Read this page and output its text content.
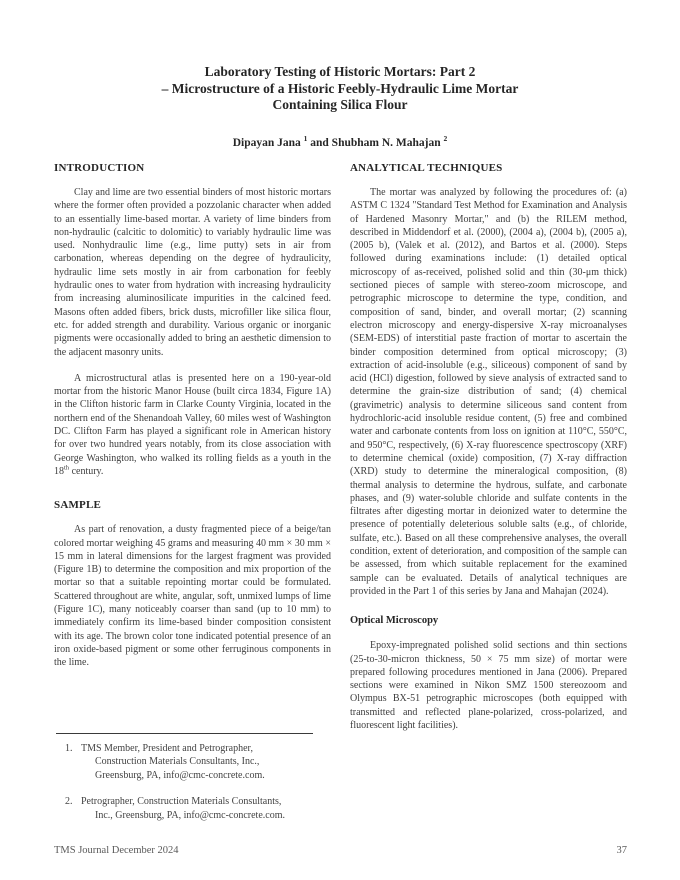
Laboratory Testing of Historic Mortars: Part 2
– Microstructure of a Historic Feebly-Hydraulic Lime Mortar
Containing Silica Flour
Dipayan Jana $^1$ and Shubham N. Mahajan $^2$
INTRODUCTION

Clay and lime are two essential binders of most historic mortars where the former often provided a pozzolanic character when added to an essentially lime-based mortar. A variety of lime binders from non-hydraulic (calcitic to dolomitic) to variably hydraulic lime was used. Nonhydraulic lime (e.g., lime putty) sets in air from carbonation, whereas depending on the degree of hydraulicity, hydraulic lime sets mostly in air from carbonation for feebly hydraulic ones to water from hydration with increasing hydraulicity from increasing aluminosilicate impurities in the calcined feed. Masons often added fibers, brick dusts, microfiller like silica flour, etc. for added strength and durability. Various organic or inorganic pigments were occasionally added to bring an aesthetic dimension to the adjacent masonry units.

A microstructural atlas is presented here on a 190-year-old mortar from the historic Manor House (built circa 1834, Figure 1A) in the Clifton historic farm in Clarke County Virginia, located in the northern end of the Shenandoah Valley, 60 miles west of Washington DC. Clifton Farm has played a significant role in American history for over two hundred years notably, from its close association with George Washington, who walked its rolling fields as a youth in the 18th century.

SAMPLE

As part of renovation, a dusty fragmented piece of a beige/tan colored mortar weighing 45 grams and measuring 40 mm × 30 mm × 15 mm in lateral dimensions for the largest fragment was provided (Figure 1B) to determine the composition and mix proportion of the mortar so that a suitable repointing mortar could be formulated. Scattered throughout are white, angular, soft, unmixed lumps of lime (Figure 1C), many noticeably coarser than sand (up to 10 mm) to immediately confirm its lime-based binder composition consistent with its age. The brown color tone indicated potential presence of an iron oxide-based pigment or some other ferruginous components in the lime.

1. TMS Member, President and Petrographer,
Construction Materials Consultants, Inc.,
Greensburg, PA, info@cmc-concrete.com.
2. Petrographer, Construction Materials Consultants,
Inc., Greensburg, PA, info@cmc-concrete.com.
ANALYTICAL TECHNIQUES

The mortar was analyzed by following the procedures of: (a) ASTM C 1324 "Standard Test Method for Examination and Analysis of Hardened Masonry Mortar," and (b) the RILEM method, described in Middendorf et al. (2000), (2004 a), (2004 b), (2005 a), (2005 b), (Valek et al. (2012), and Bartos et al. (2000). Steps followed during examinations include: (1) detailed optical microscopy of as-received, polished solid and thin (30-μm thick) sectioned pieces of sample with stereo-zoom microscope, and petrographic microscope to determine the type, condition, and composition of sand, binder, and overall mortar; (2) scanning electron microscopy and energy-dispersive X-ray microanalyses (SEM-EDS) of interstitial paste fraction of mortar to ascertain the binder composition determined from optical microscopy; (3) extraction of acid-insoluble (e.g., siliceous) component of sand by acid (HCl) digestion, followed by sieve analysis of extracted sand to determine the grain-size distribution of sand; (4) chemical (gravimetric) analysis to determine siliceous sand content from hydrochloric-acid insoluble residue content, (5) free and combined water and carbonate contents from loss on ignition at 110°C, 550°C, and 950°C, respectively, (6) X-ray fluorescence spectroscopy (XRF) to determine chemical (oxide) composition, (7) X-ray diffraction (XRD) study to determine the mineralogical composition, (8) thermal analysis to determine the hydrous, sulfate, and carbonate phases, and (9) water-soluble chloride and sulfate contents in the filtrates after digesting mortar in deionized water to determine the presence of potentially deleterious soluble salts (e.g., of chloride, sulfate, etc.). Based on all these comprehensive analyses, the overall condition, extent of deterioration, and composition of the sample can be assessed, from which suitable replacement for the examined sample can be evaluated. Details of analytical techniques are provided in the Part 1 of this series by Jana and Mahajan (2024).

Optical Microscopy

Epoxy-impregnated polished solid sections and thin sections (25-to-30-micron thickness, 50 × 75 mm size) of mortar were prepared following procedures mentioned in Jana (2006). Prepared sections were examined in Nikon SMZ 1500 stereozoom and Olympus BX-51 petrographic microscopes (both equipped with transmitted and reflected plane-polarized, cross-polarized, and fluorescent light facilities).

TMS Journal December 2024	37
